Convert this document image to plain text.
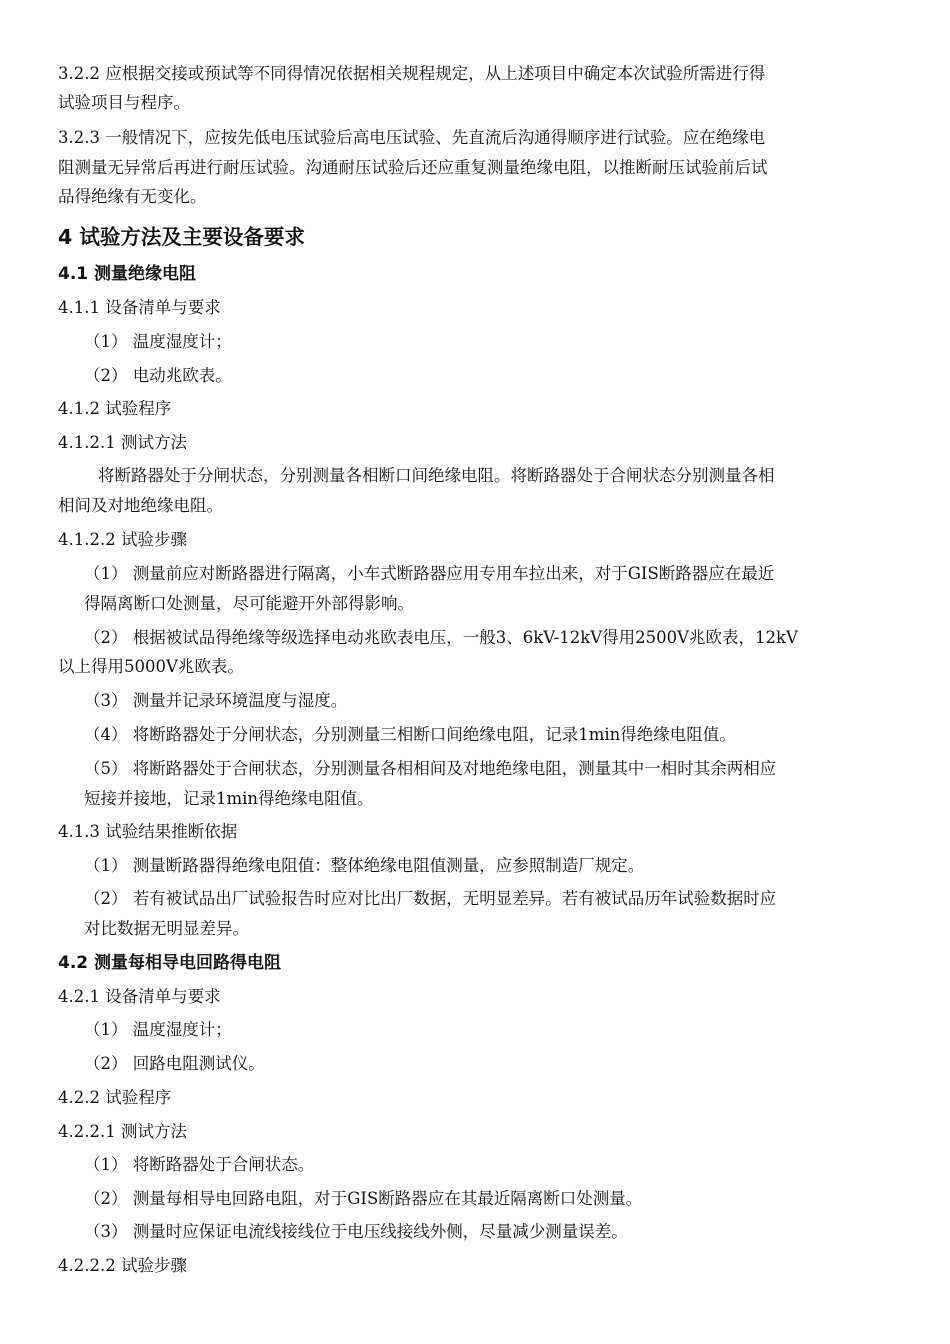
3.2.2 应根据交接或预试等不同得情况依据相关规程规定，从上述项目中确定本次试验所需进行得
试验项目与程序。
3.2.3 一般情况下，应按先低电压试验后高电压试验、先直流后沟通得顺序进行试验。应在绝缘电
阻测量无异常后再进行耐压试验。沟通耐压试验后还应重复测量绝缘电阻，以推断耐压试验前后试
品得绝缘有无变化。
4 试验方法及主要设备要求
4.1 测量绝缘电阻
4.1.1 设备清单与要求
（1） 温度湿度计；
（2） 电动兆欧表。
4.1.2 试验程序
4.1.2.1 测试方法
将断路器处于分闸状态，分别测量各相断口间绝缘电阻。将断路器处于合闸状态分别测量各相
相间及对地绝缘电阻。
4.1.2.2 试验步骤
（1） 测量前应对断路器进行隔离，小车式断路器应用专用车拉出来，对于GIS断路器应在最近
得隔离断口处测量，尽可能避开外部得影响。
（2） 根据被试品得绝缘等级选择电动兆欧表电压，一般3、6kV-12kV得用2500V兆欧表，12kV
以上得用5000V兆欧表。
（3） 测量并记录环境温度与湿度。
（4） 将断路器处于分闸状态，分别测量三相断口间绝缘电阻，记录1min得绝缘电阻值。
（5） 将断路器处于合闸状态，分别测量各相相间及对地绝缘电阻，测量其中一相时其余两相应
短接并接地，记录1min得绝缘电阻值。
4.1.3 试验结果推断依据
（1） 测量断路器得绝缘电阻值：整体绝缘电阻值测量，应参照制造厂规定。
（2） 若有被试品出厂试验报告时应对比出厂数据，无明显差异。若有被试品历年试验数据时应
对比数据无明显差异。
4.2 测量每相导电回路得电阻
4.2.1 设备清单与要求
（1） 温度湿度计；
（2） 回路电阻测试仪。
4.2.2 试验程序
4.2.2.1 测试方法
（1） 将断路器处于合闸状态。
（2） 测量每相导电回路电阻，对于GIS断路器应在其最近隔离断口处测量。
（3） 测量时应保证电流线接线位于电压线接线外侧，尽量减少测量误差。
4.2.2.2 试验步骤
